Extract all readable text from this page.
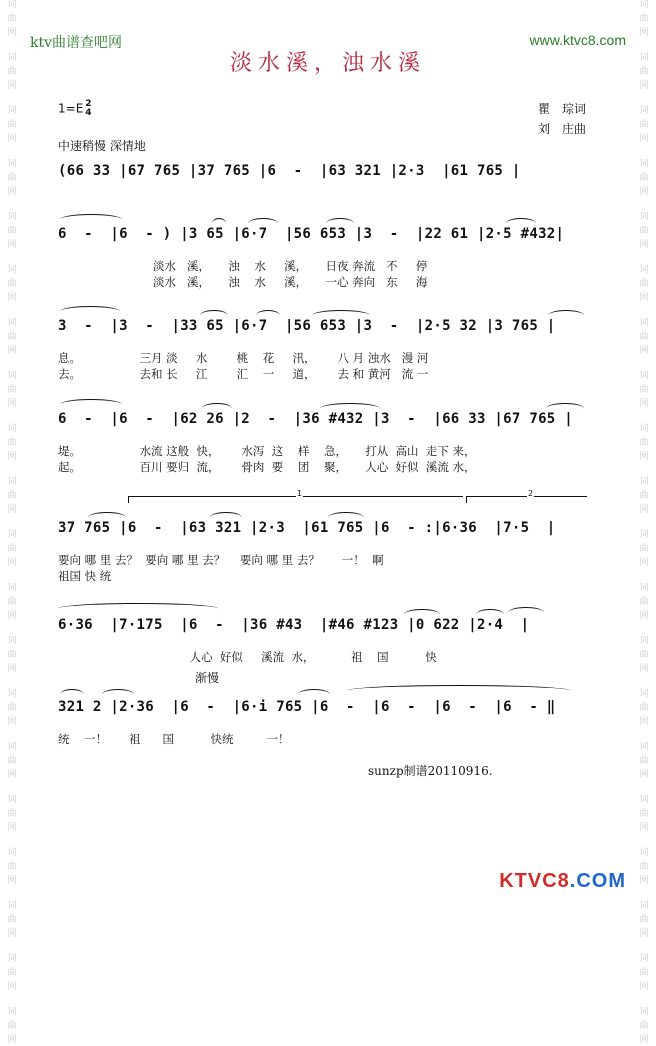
词
曲
网
词
曲
网
词
曲
网
词
曲
网
词
曲
网
词
曲
网
词
曲
网
词
曲
网
词
曲
网
词
曲
网
词
曲
网
词
曲
网
词
曲
网
词
曲
网
词
曲
网
词
曲
网
词
曲
网
词
曲
网
词
曲
网
词
曲
网
词
曲
网
词
曲
网
词
曲
网
词
曲
网
词
曲
网
词
曲
网
词
曲
网
词
曲
网
词
曲
网
词
曲
网
词
曲
网
词
曲
网
词
曲
网
词
曲
网
词
曲
网
词
曲
网
词
曲
网
词
曲
网
词
曲
网
词
曲
网
ktv曲谱查吧网	www.ktvc8.com
淡水溪，浊水溪
1=E 2
4	瞿　琮词
刘　庄曲
中速稍慢 深情地
(66 33 |67 765 |37 765 |6  -  |63 321 |2·3  |61 765 |
6  -  |6  - ) |3 65 |6·7  |56 653 |3  -  |22 61 |2·5 #432|
淡水   溪，     浊    水     溪，     日夜 奔流   不     停
淡水   溪，     浊    水     溪，     一心 奔向   东     海
3  -  |3  -  |33 65 |6·7  |56 653 |3  -  |2·5 32 |3 765 |
息。                三月 淡     水        桃    花     汛，      八 月 浊水   漫 河
去。                去和 长     江        汇    一     道，      去 和 黄河   流 一
6  -  |6  -  |62 26 |2  -  |36 #432 |3  -  |66 33 |67 765 |
堤。                水流 这般  快，      水泻  这    样    急，     打从  高山  走下 来，
起。                百川 要归  流，      骨肉  要    团    聚，     人心  好似  溪流 水，
1	2
37 765 |6  -  |63 321 |2·3  |61 765 |6  - :|6·36  |7·5  |
要向 哪 里 去？  要向 哪 里 去？    要向 哪 里 去？      一！  啊
祖国 快 统
6·36  |7·175  |6  -  |36 #43  |#46 #123 |0 622 |2·4  |
人心  好似     溪流  水，          祖    国          快
渐慢
321 2 |2·36  |6  -  |6·i 765 |6  -  |6  -  |6  -  |6  - ‖
统    一！      祖      国          快统         一！
sunzp制谱20110916.
KTVC8.COM
